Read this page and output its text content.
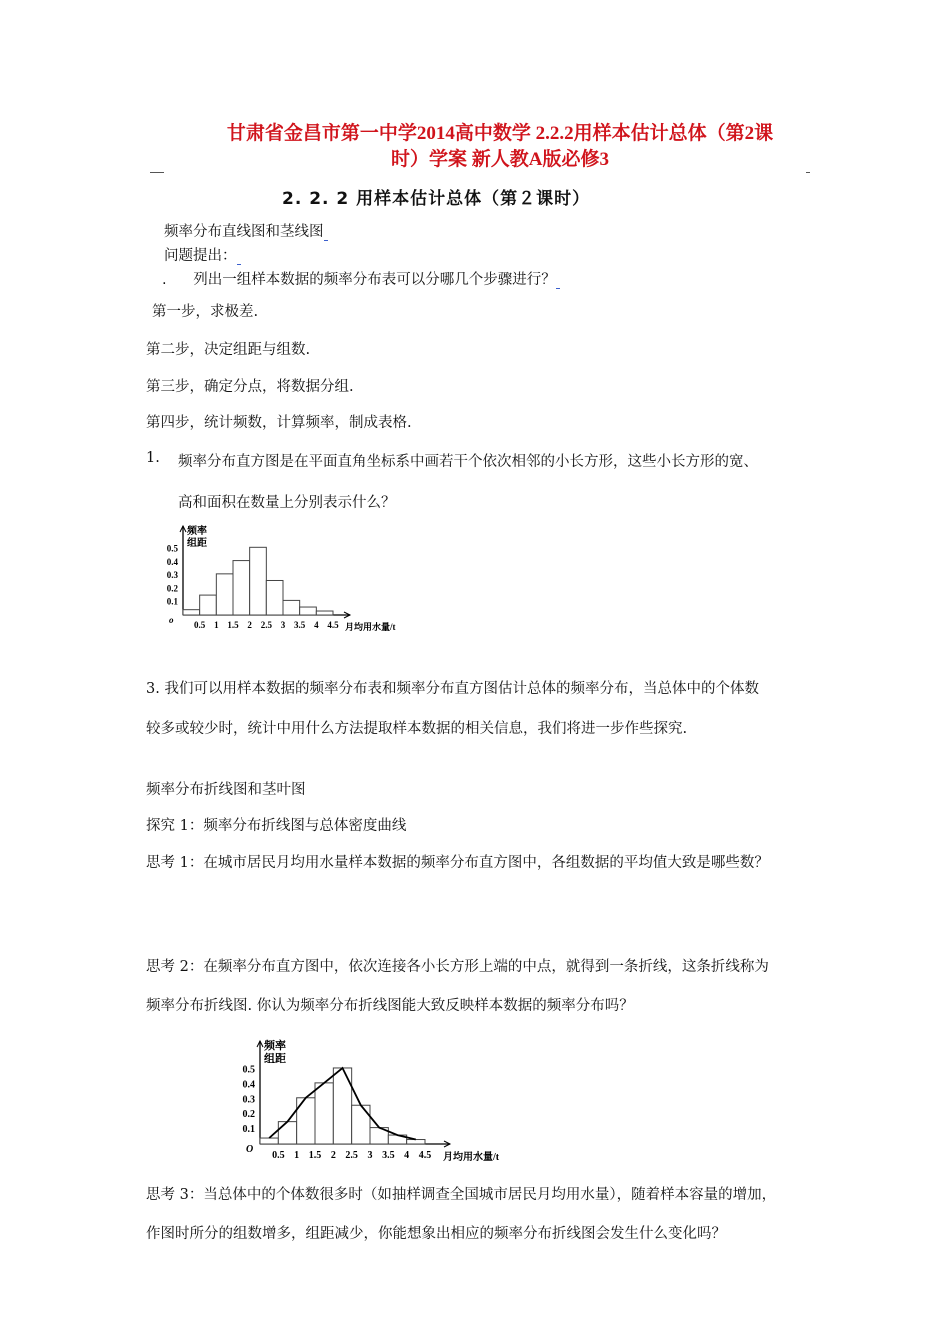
甘肃省金昌市第一中学2014高中数学 2.2.2用样本估计总体（第2课
时）学案 新人教A版必修3
2. 2. 2 用样本估计总体（第２课时）
频率分布直线图和茎线图
问题提出：
. 列出一组样本数据的频率分布表可以分哪几个步骤进行？
第一步，求极差.
第二步，决定组距与组数.
第三步，确定分点，将数据分组.
第四步，统计频数，计算频率，制成表格.
1. 频率分布直方图是在平面直角坐标系中画若干个依次相邻的小长方形，这些小长方形的宽、
高和面积在数量上分别表示什么？
0.1
0.2
0.3
0.4
0.5
0.5 1 1.5 2 2.5 3 3.5 4 4.5
o
频率
组距
月均用水量/t
3. 我们可以用样本数据的频率分布表和频率分布直方图估计总体的频率分布，当总体中的个体数
较多或较少时，统计中用什么方法提取样本数据的相关信息，我们将进一步作些探究.
频率分布折线图和茎叶图
探究 1：频率分布折线图与总体密度曲线
思考 1：在城市居民月均用水量样本数据的频率分布直方图中，各组数据的平均值大致是哪些数？
思考 2：在频率分布直方图中，依次连接各小长方形上端的中点，就得到一条折线，这条折线称为
频率分布折线图. 你认为频率分布折线图能大致反映样本数据的频率分布吗？
0.1
0.2
0.3
0.4
0.5
0.5 1 1.5 2 2.5 3 3.5 4 4.5
O
频率
组距
月均用水量/t
思考 3：当总体中的个体数很多时（如抽样调查全国城市居民月均用水量），随着样本容量的增加，
作图时所分的组数增多，组距减少，你能想象出相应的频率分布折线图会发生什么变化吗？
